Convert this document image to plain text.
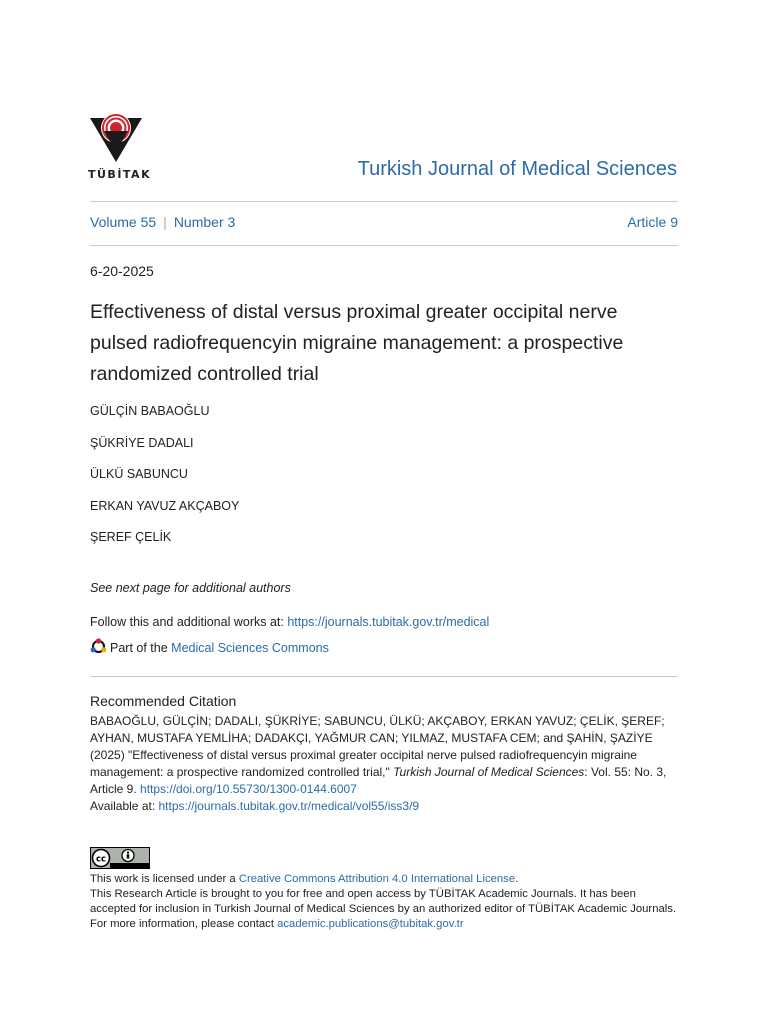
TÜBİTAK	Turkish Journal of Medical Sciences
Volume 55 | Number 3	Article 9
6-20-2025
Effectiveness of distal versus proximal greater occipital nerve pulsed radiofrequencyin migraine management: a prospective randomized controlled trial
GÜLÇİN BABAOĞLU
ŞÜKRİYE DADALI
ÜLKÜ SABUNCU
ERKAN YAVUZ AKÇABOY
ŞEREF ÇELİK
See next page for additional authors
Follow this and additional works at: https://journals.tubitak.gov.tr/medical
Part of the Medical Sciences Commons
Recommended Citation
BABAOĞLU, GÜLÇİN; DADALI, ŞÜKRİYE; SABUNCU, ÜLKÜ; AKÇABOY, ERKAN YAVUZ; ÇELİK, ŞEREF; AYHAN, MUSTAFA YEMLİHA; DADAKÇI, YAĞMUR CAN; YILMAZ, MUSTAFA CEM; and ŞAHİN, ŞAZİYE (2025) "Effectiveness of distal versus proximal greater occipital nerve pulsed radiofrequencyin migraine management: a prospective randomized controlled trial," Turkish Journal of Medical Sciences: Vol. 55: No. 3, Article 9. https://doi.org/10.55730/1300-0144.6007
Available at: https://journals.tubitak.gov.tr/medical/vol55/iss3/9
cc
This work is licensed under a Creative Commons Attribution 4.0 International License.
This Research Article is brought to you for free and open access by TÜBİTAK Academic Journals. It has been accepted for inclusion in Turkish Journal of Medical Sciences by an authorized editor of TÜBİTAK Academic Journals. For more information, please contact academic.publications@tubitak.gov.tr
